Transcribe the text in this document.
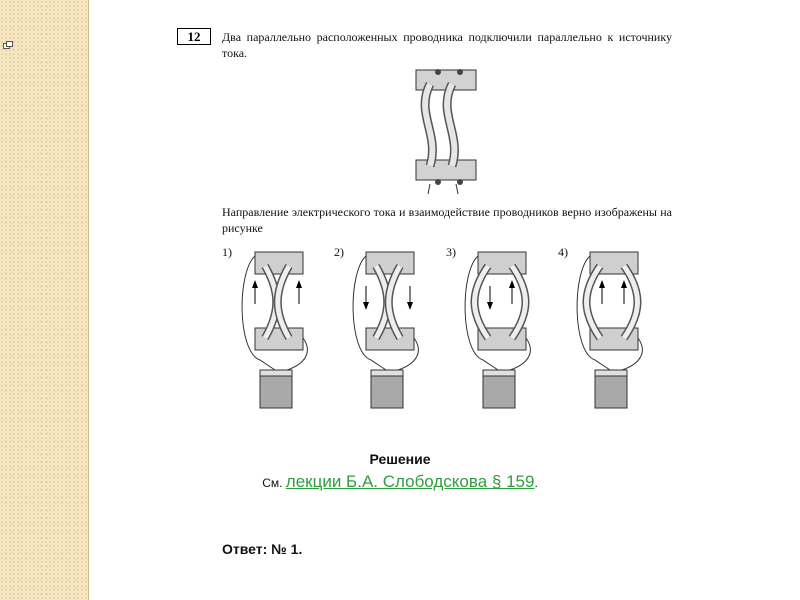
12	Два параллельно расположенных проводника подключили параллельно к источнику тока.
Направление электрического тока и взаимодействие проводников верно изображены на рисунке
1)	2)	3)	4)
Решение
См. лекции Б.А. Слободскова § 159.
Ответ: № 1.
